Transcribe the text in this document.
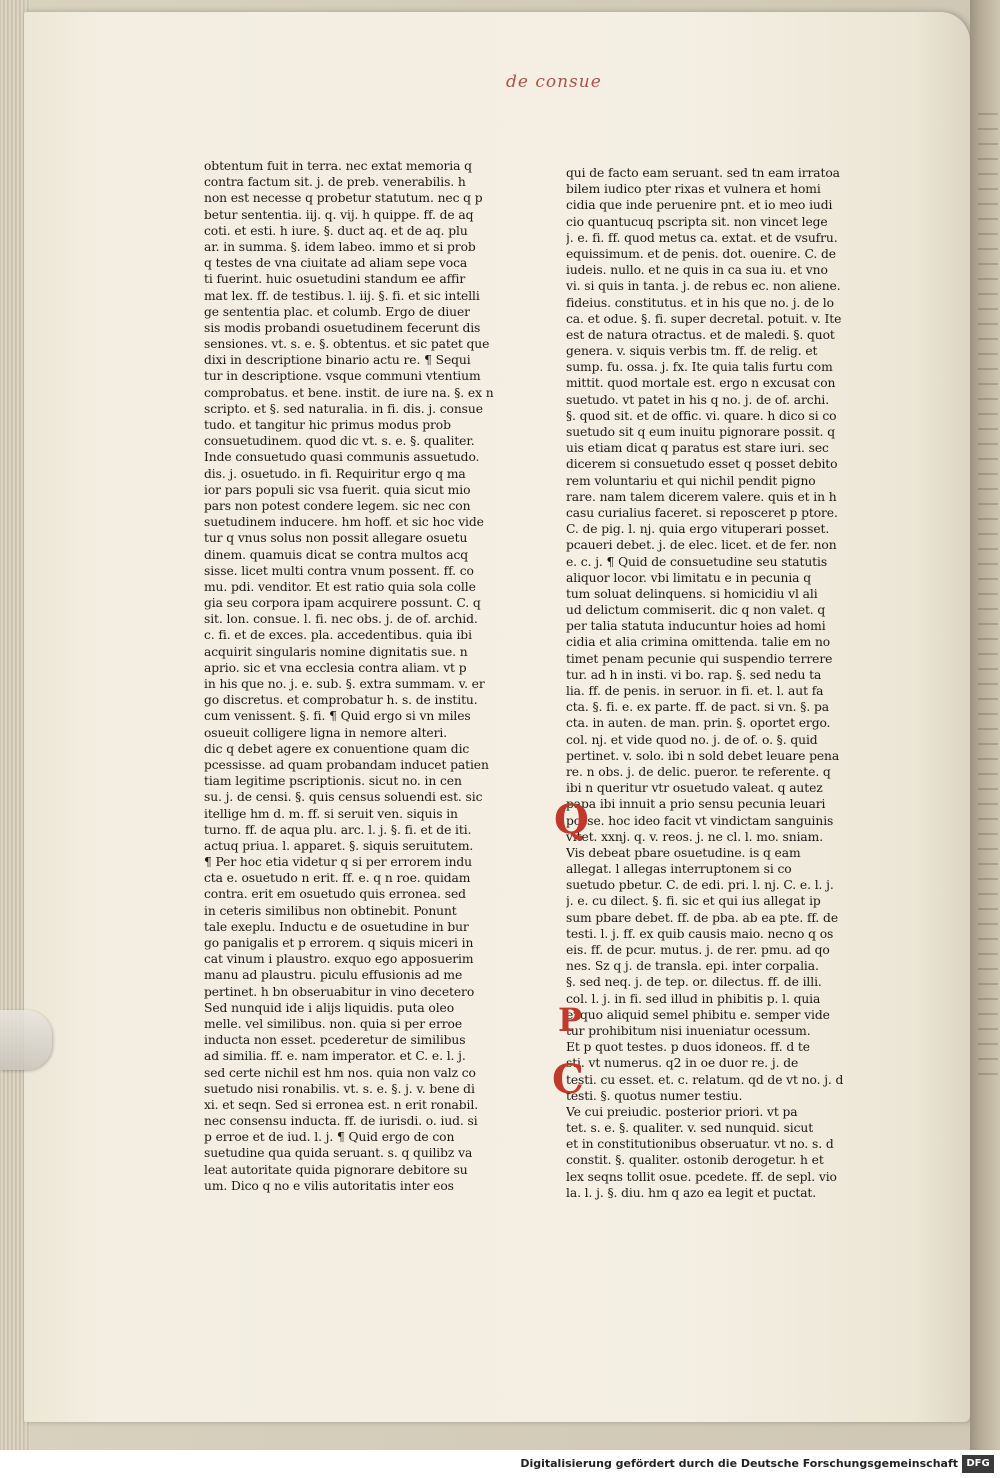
de consue
obtentum fuit in terra. nec extat memoria q
contra factum sit. j. de preb. venerabilis. h
non est necesse q probetur statutum. nec q p
betur sententia. iij. q. vij. h quippe. ff. de aq
coti. et esti. h iure. §. duct aq. et de aq. plu
ar. in summa. §. idem labeo. immo et si prob
q testes de vna ciuitate ad aliam sepe voca
ti fuerint. huic osuetudini standum ee affir
mat lex. ff. de testibus. l. iij. §. fi. et sic intelli
ge sententia plac. et columb. Ergo de diuer
sis modis probandi osuetudinem fecerunt dis
sensiones. vt. s. e. §. obtentus. et sic patet que
dixi in descriptione binario actu re. ¶ Sequi
tur in descriptione. vsque communi vtentium
comprobatus. et bene. instit. de iure na. §. ex n
scripto. et §. sed naturalia. in fi. dis. j. consue
tudo. et tangitur hic primus modus prob
consuetudinem. quod dic vt. s. e. §. qualiter.
Inde consuetudo quasi communis assuetudo.
dis. j. osuetudo. in fi. Requiritur ergo q ma
ior pars populi sic vsa fuerit. quia sicut mio
pars non potest condere legem. sic nec con
suetudinem inducere. hm hoff. et sic hoc vide
tur q vnus solus non possit allegare osuetu
dinem. quamuis dicat se contra multos acq
sisse. licet multi contra vnum possent. ff. co
mu. pdi. venditor. Et est ratio quia sola colle
gia seu corpora ipam acquirere possunt. C. q
sit. lon. consue. l. fi. nec obs. j. de of. archid.
c. fi. et de exces. pla. accedentibus. quia ibi
acquirit singularis nomine dignitatis sue. n
aprio. sic et vna ecclesia contra aliam. vt p
in his que no. j. e. sub. §. extra summam. v. er
go discretus. et comprobatur h. s. de institu.
cum venissent. §. fi. ¶ Quid ergo si vn miles
osueuit colligere ligna in nemore alteri.
dic q debet agere ex conuentione quam dic
pcessisse. ad quam probandam inducet patien
tiam legitime pscriptionis. sicut no. in cen
su. j. de censi. §. quis census soluendi est. sic
itellige hm d. m. ff. si seruit ven. siquis in
turno. ff. de aqua plu. arc. l. j. §. fi. et de iti.
actuq priua. l. apparet. §. siquis seruitutem.
¶ Per hoc etia videtur q si per errorem indu
cta e. osuetudo n erit. ff. e. q n roe. quidam
contra. erit em osuetudo quis erronea. sed
in ceteris similibus non obtinebit. Ponunt
tale exeplu. Inductu e de osuetudine in bur
go panigalis et p errorem. q siquis miceri in
cat vinum i plaustro. exquo ego apposuerim
manu ad plaustru. piculu effusionis ad me
pertinet. h bn obseruabitur in vino decetero
Sed nunquid ide i alijs liquidis. puta oleo
melle. vel similibus. non. quia si per erroe
inducta non esset. pcederetur de similibus
ad similia. ff. e. nam imperator. et C. e. l. j.
sed certe nichil est hm nos. quia non valz co
suetudo nisi ronabilis. vt. s. e. §. j. v. bene di
xi. et seqn. Sed si erronea est. n erit ronabil.
nec consensu inducta. ff. de iurisdi. o. iud. si
p erroe et de iud. l. j. ¶ Quid ergo de con
suetudine qua quida seruant. s. q quilibz va
leat autoritate quida pignorare debitore su
um. Dico q no e vilis autoritatis inter eos
qui de facto eam seruant. sed tn eam irratoa
bilem iudico pter rixas et vulnera et homi
cidia que inde peruenire pnt. et io meo iudi
cio quantucuq pscripta sit. non vincet lege
j. e. fi. ff. quod metus ca. extat. et de vsufru.
equissimum. et de penis. dot. ouenire. C. de
iudeis. nullo. et ne quis in ca sua iu. et vno
vi. si quis in tanta. j. de rebus ec. non aliene.
fideius. constitutus. et in his que no. j. de lo
ca. et odue. §. fi. super decretal. potuit. v. Ite
est de natura otractus. et de maledi. §. quot
genera. v. siquis verbis tm. ff. de relig. et
sump. fu. ossa. j. fx. Ite quia talis furtu com
mittit. quod mortale est. ergo n excusat con
suetudo. vt patet in his q no. j. de of. archi.
§. quod sit. et de offic. vi. quare. h dico si co
suetudo sit q eum inuitu pignorare possit. q
uis etiam dicat q paratus est stare iuri. sec
dicerem si consuetudo esset q posset debito
rem voluntariu et qui nichil pendit pigno
rare. nam talem dicerem valere. quis et in h
casu curialius faceret. si reposceret p ptore.
C. de pig. l. nj. quia ergo vituperari posset.
pcaueri debet. j. de elec. licet. et de fer. non
e. c. j. ¶ Quid de consuetudine seu statutis
aliquor locor. vbi limitatu e in pecunia q
tum soluat delinquens. si homicidiu vl ali
ud delictum commiserit. dic q non valet. q
per talia statuta inducuntur hoies ad homi
cidia et alia crimina omittenda. talie em no
timet penam pecunie qui suspendio terrere
tur. ad h in insti. vi bo. rap. §. sed nedu ta
lia. ff. de penis. in seruor. in fi. et. l. aut fa
cta. §. fi. e. ex parte. ff. de pact. si vn. §. pa
cta. in auten. de man. prin. §. oportet ergo.
col. nj. et vide quod no. j. de of. o. §. quid
pertinet. v. solo. ibi n sold debet leuare pena
re. n obs. j. de delic. pueror. te referente. q
ibi n queritur vtr osuetudo valeat. q autez
papa ibi innuit a prio sensu pecunia leuari
posse. hoc ideo facit vt vindictam sanguinis
vitet. xxnj. q. v. reos. j. ne cl. l. mo. sniam.
Vis debeat pbare osuetudine. is q eam
allegat. l allegas interruptonem si co
suetudo pbetur. C. de edi. pri. l. nj. C. e. l. j.
j. e. cu dilect. §. fi. sic et qui ius allegat ip
sum pbare debet. ff. de pba. ab ea pte. ff. de
testi. l. j. ff. ex quib causis maio. necno q os
eis. ff. de pcur. mutus. j. de rer. pmu. ad qo
nes. Sz q j. de transla. epi. inter corpalia.
§. sed neq. j. de tep. or. dilectus. ff. de illi.
col. l. j. in fi. sed illud in phibitis p. l. quia
exquo aliquid semel phibitu e. semper vide
tur prohibitum nisi inueniatur ocessum.
Et p quot testes. p duos idoneos. ff. d te
sti. vt numerus. q2 in oe duor re. j. de
testi. cu esset. et. c. relatum. qd de vt no. j. d
testi. §. quotus numer testiu.
Ve cui preiudic. posterior priori. vt pa
tet. s. e. §. qualiter. v. sed nunquid. sicut
et in constitutionibus obseruatur. vt no. s. d
constit. §. qualiter. ostonib derogetur. h et
lex seqns tollit osue. pcedete. ff. de sepl. vio
la. l. j. §. diu. hm q azo ea legit et puctat.
Q
P
C
Digitalisierung gefördert durch die Deutsche Forschungsgemeinschaft DFG
